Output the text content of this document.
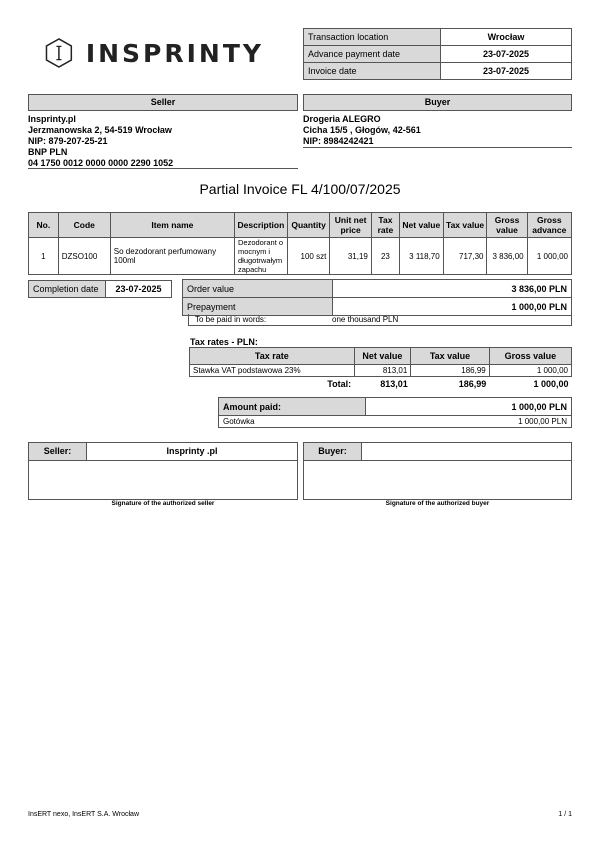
INSPRINTY
Transaction location	Wrocław
Advance payment date	23-07-2025
Invoice date	23-07-2025
Seller
Insprinty.pl
Jerzmanowska 2, 54-519 Wrocław
NIP: 879-207-25-21
BNP PLN
04 1750 0012 0000 0000 2290 1052
Buyer
Drogeria ALEGRO
Cicha 15/5 , Głogów, 42-561
NIP: 8984242421
Partial Invoice FL 4/100/07/2025
No.	Code	Item name	Description	Quantity	Unit net price	Tax rate	Net value	Tax value	Gross value	Gross advance
1	DZSO100	So dezodorant perfumowany 100ml	Dezodorant o mocnym i długotrwałym zapachu	100 szt	31,19	23	3 118,70	717,30	3 836,00	1 000,00
Completion date	23-07-2025	Order value	3 836,00 PLN
Prepayment	1 000,00 PLN
To be paid in words:	one thousand PLN
Tax rates - PLN:
Tax rate	Net value	Tax value	Gross value
Stawka VAT podstawowa 23%	813,01	186,99	1 000,00
Total:	813,01	186,99	1 000,00
Amount paid:	1 000,00 PLN
Gotówka	1 000,00 PLN
Seller:	Insprinty .pl
Signature of the authorized seller
Buyer:
Signature of the authorized buyer
InsERT nexo, InsERT S.A. Wrocław	1 / 1
